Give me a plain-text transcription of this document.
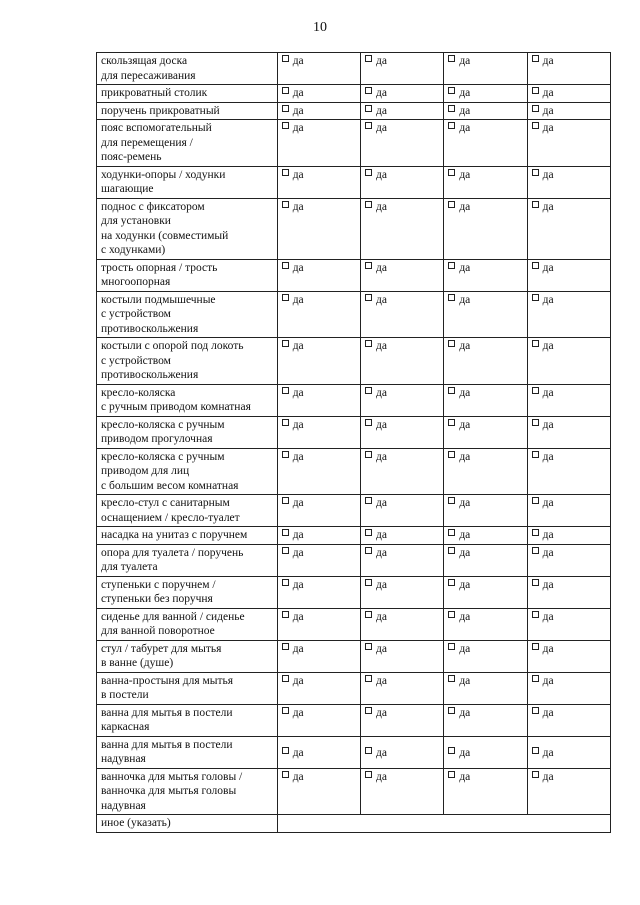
10
скользящая доска
для пересаживания	да	да	да	да
прикроватный столик	да	да	да	да
поручень прикроватный	да	да	да	да
пояс вспомогательный
для перемещения /
пояс-ремень	да	да	да	да
ходунки-опоры / ходунки
шагающие	да	да	да	да
поднос с фиксатором
для установки
на ходунки (совместимый
с ходунками)	да	да	да	да
трость опорная / трость
многоопорная	да	да	да	да
костыли подмышечные
с устройством
противоскольжения	да	да	да	да
костыли с опорой под локоть
с устройством
противоскольжения	да	да	да	да
кресло-коляска
с ручным приводом комнатная	да	да	да	да
кресло-коляска с ручным
приводом прогулочная	да	да	да	да
кресло-коляска с ручным
приводом для лиц
с большим весом комнатная	да	да	да	да
кресло-стул с санитарным
оснащением / кресло-туалет	да	да	да	да
насадка на унитаз с поручнем	да	да	да	да
опора для туалета / поручень
для туалета	да	да	да	да
ступеньки с поручнем /
ступеньки без поручня	да	да	да	да
сиденье для ванной / сиденье
для ванной поворотное	да	да	да	да
стул / табурет для мытья
в ванне (душе)	да	да	да	да
ванна-простыня для мытья
в постели	да	да	да	да
ванна для мытья в постели
каркасная	да	да	да	да
ванна для мытья в постели
надувная	да	да	да	да
ванночка для мытья головы /
ванночка для мытья головы
надувная	да	да	да	да
иное (указать)				
